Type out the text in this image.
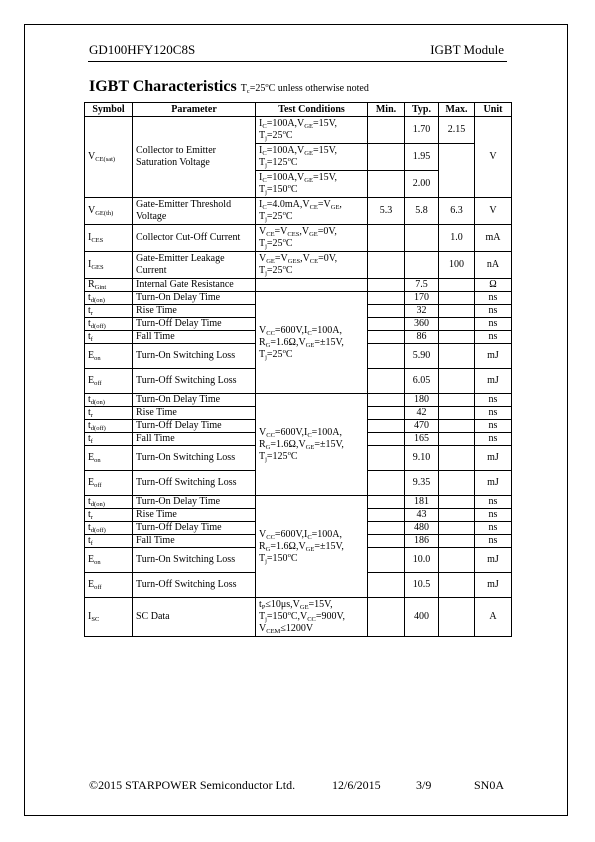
GD100HFY120C8S	IGBT Module
IGBT Characteristics $T_c=25^oC$ unless otherwise noted
Symbol	Parameter	Test Conditions	Min.	Typ.	Max.	Unit
$V_{CE(sat)}$	Collector to Emitter Saturation Voltage	$I_C=100A,V_{GE}=15V$,
$T_j=25^oC$		1.70	2.15	V
		$I_C=100A,V_{GE}=15V$,
$T_j=125^oC$		1.95		
		$I_C=100A,V_{GE}=15V$,
$T_j=150^oC$		2.00		
$V_{GE(th)}$	Gate-Emitter Threshold Voltage	$I_C=4.0mA,V_{CE}=V_{GE}$,
$T_j=25^oC$	5.3	5.8	6.3	V
$I_{CES}$	Collector Cut-Off Current	$V_{CE}=V_{CES},V_{GE}=0V$,
$T_j=25^oC$			1.0	mA
$I_{GES}$	Gate-Emitter Leakage Current	$V_{GE}=V_{GES},V_{CE}=0V$,
$T_j=25^oC$			100	nA
$R_{Gint}$	Internal Gate Resistance			7.5		Ω
$t_{d(on)}$	Turn-On Delay Time	$V_{CC}=600V,I_C=100A$,
$R_G=1.6\Omega,V_{GE}=\pm 15V$,
$T_j=25^oC$		170		ns
$t_r$	Rise Time			32		ns
$t_{d(off)}$	Turn-Off Delay Time			360		ns
$t_f$	Fall Time			86		ns
$E_{on}$	Turn-On Switching Loss			5.90		mJ
$E_{off}$	Turn-Off Switching Loss			6.05		mJ
$t_{d(on)}$	Turn-On Delay Time	$V_{CC}=600V,I_C=100A$,
$R_G=1.6\Omega,V_{GE}=\pm 15V$,
$T_j=125^oC$		180		ns
$t_r$	Rise Time			42		ns
$t_{d(off)}$	Turn-Off Delay Time			470		ns
$t_f$	Fall Time			165		ns
$E_{on}$	Turn-On Switching Loss			9.10		mJ
$E_{off}$	Turn-Off Switching Loss			9.35		mJ
$t_{d(on)}$	Turn-On Delay Time	$V_{CC}=600V,I_C=100A$,
$R_G=1.6\Omega,V_{GE}=\pm 15V$,
$T_j=150^oC$		181		ns
$t_r$	Rise Time			43		ns
$t_{d(off)}$	Turn-Off Delay Time			480		ns
$t_f$	Fall Time			186		ns
$E_{on}$	Turn-On Switching Loss			10.0		mJ
$E_{off}$	Turn-Off Switching Loss			10.5		mJ
$I_{SC}$	SC Data	$t_P\le 10\mu s,V_{GE}=15V$,
$T_j=150^oC,V_{CC}=900V$,
$V_{CEM}\le 1200V$		400		A
©2015 STARPOWER Semiconductor Ltd.	12/6/2015	3/9	SN0A
